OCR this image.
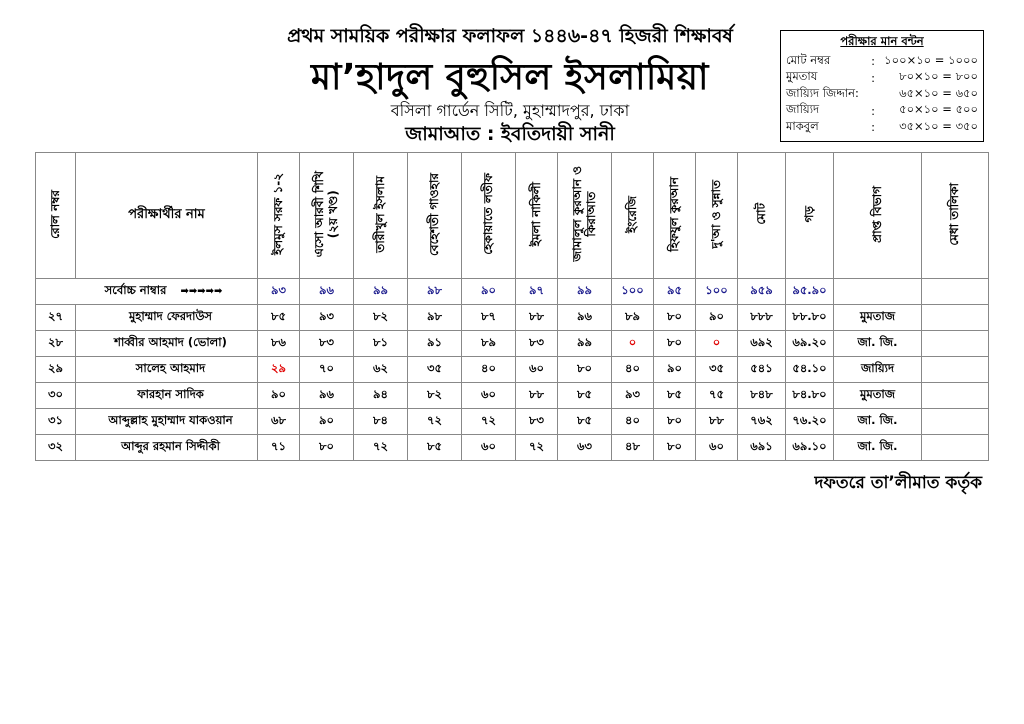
প্রথম সাময়িক পরীক্ষার ফলাফল ১৪৪৬-৪৭ হিজরী শিক্ষাবর্ষ
মা’হাদুল বুহুসিল ইসলামিয়া
বসিলা গার্ডেন সিটি, মুহাম্মাদপুর, ঢাকা
জামাআত : ইবতিদায়ী সানী
পরীক্ষার মান বন্টন
মোট নম্বর	: ১০০×১০ = ১০০০
মুমতায	:	৮০×১০ = ৮০০
জায়্যিদ জিদ্দান:	৬৫×১০ = ৬৫০
জায়্যিদ	:	৫০×১০ = ৫০০
মাকবুল	:	৩৫×১০ = ৩৫০
রোল নম্বর	পরীক্ষার্থীর নাম	ইলমুস সরফ ১-২	এসো আরবী শিখি
(২য় খণ্ড)	তারীখুল ইসলাম	বেহেশতী গাওহার	হেকায়াতে লতীফ	ইমলা নাকিলী	জামালুল কুরআন ও
কিরাআত	ইংরেজি	হিফযুল কুরআন	দু'আ ও সুন্নাত	মোট	গড়	প্রাপ্ত বিভাগ	মেধা তালিকা
সর্বোচ্চ নাম্বার ➡➡➡➡➡		৯৩	৯৬	৯৯	৯৮	৯০	৯৭	৯৯	১০০	৯৫	১০০	৯৫৯	৯৫.৯০		
২৭	মুহাম্মাদ ফেরদাউস	৮৫	৯৩	৮২	৯৮	৮৭	৮৮	৯৬	৮৯	৮০	৯০	৮৮৮	৮৮.৮০	মুমতাজ	
২৮	শাব্বীর আহমাদ (ভোলা)	৮৬	৮৩	৮১	৯১	৮৯	৮৩	৯৯	০	৮০	০	৬৯২	৬৯.২০	জা. জি.	
২৯	সালেহ আহমাদ	২৯	৭০	৬২	৩৫	৪০	৬০	৮০	৪০	৯০	৩৫	৫৪১	৫৪.১০	জায়্যিদ	
৩০	ফারহান সাদিক	৯০	৯৬	৯৪	৮২	৬০	৮৮	৮৫	৯৩	৮৫	৭৫	৮৪৮	৮৪.৮০	মুমতাজ	
৩১	আব্দুল্লাহ মুহাম্মাদ যাকওয়ান	৬৮	৯০	৮৪	৭২	৭২	৮৩	৮৫	৪০	৮০	৮৮	৭৬২	৭৬.২০	জা. জি.	
৩২	আব্দুর রহমান সিদ্দীকী	৭১	৮০	৭২	৮৫	৬০	৭২	৬৩	৪৮	৮০	৬০	৬৯১	৬৯.১০	জা. জি.	
দফতরে তা’লীমাত কর্তৃক
